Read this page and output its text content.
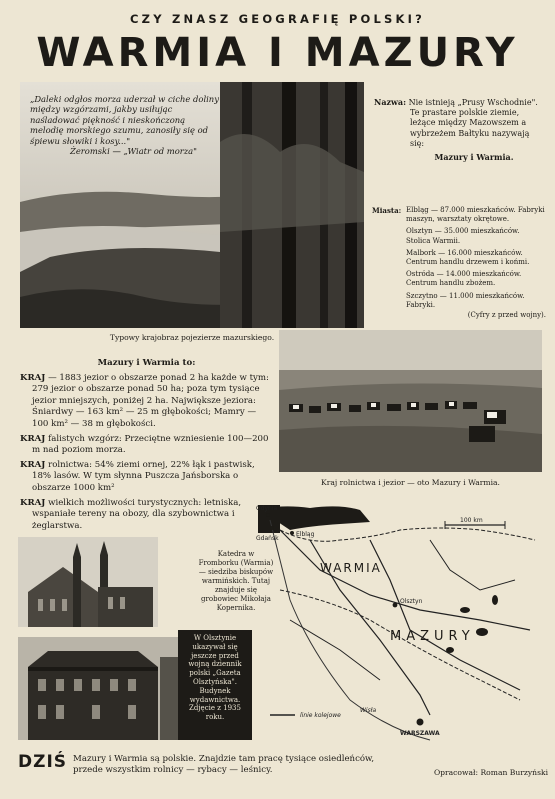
CZY ZNASZ GEOGRAFIĘ POLSKI?
WARMIA I MAZURY
„Daleki odgłos morza uderzał w ciche doliny między wzgórzami, jakby usiłując naśladować piękność i nieskończoną melodię morskiego szumu, zanosiły się od śpiewu słowiki i kosy..."
Żeromski — „Wiatr od morza"
Typowy krajobraz pojezierze mazurskiego.
Nazwa: Nie istnieją „Prusy Wschodnie". Te prastare polskie ziemie, leżące między Mazowszem a wybrzeżem Bałtyku nazywają się:
Mazury i Warmia.
Miasta: Elbląg — 87.000 mieszkańców. Fabryki maszyn, warsztaty okrętowe.
Olsztyn — 35.000 mieszkańców. Stolica Warmii.
Malbork — 16.000 mieszkańców. Centrum handlu drzewem i końmi.
Ostróda — 14.000 mieszkańców. Centrum handlu zbożem.
Szczytno — 11.000 mieszkańców. Fabryki.
(Cyfry z przed wojny).
Mazury i Warmia to:
KRAJ — 1883 jezior o obszarze ponad 2 ha każde w tym: 279 jezior o obszarze ponad 50 ha; poza tym tysiące jezior mniejszych, poniżej 2 ha. Największe jeziora: Śniardwy — 163 km² — 25 m głębokości; Mamry — 100 km² — 38 m głębokości.
KRAJ falistych wzgórz: Przeciętne wzniesienie 100—200 m nad poziom morza.
KRAJ rolnictwa: 54% ziemi ornej, 22% łąk i pastwisk, 18% lasów. W tym słynna Puszcza Jańsborska o obszarze 1000 km²
KRAJ wielkich możliwości turystycznych: letniska, wspaniałe tereny na obozy, dla szybownictwa i żeglarstwa.
Kraj rolnictwa i jezior — oto Mazury i Warmia.
Katedra w Fromborku (Warmia) — siedziba biskupów warmińskich. Tutaj znajduje się grobowiec Mikołaja Kopernika.
W Olsztynie ukazywał się jeszcze przed wojną dziennik polski „Gazeta Olsztyńska". Budynek wydawnictwa. Zdjęcie z 1935 roku.
100 km
WARMIA
MAZURY
Gdynia
Gdańsk
Elbląg
Olsztyn
WARSZAWA
Wisła
linie kolejowe
DZIŚ Mazury i Warmia są polskie. Znajdzie tam pracę tysiące osiedleńców, przede wszystkim rolnicy — rybacy — leśnicy.	Opracował: Roman Burzyński
